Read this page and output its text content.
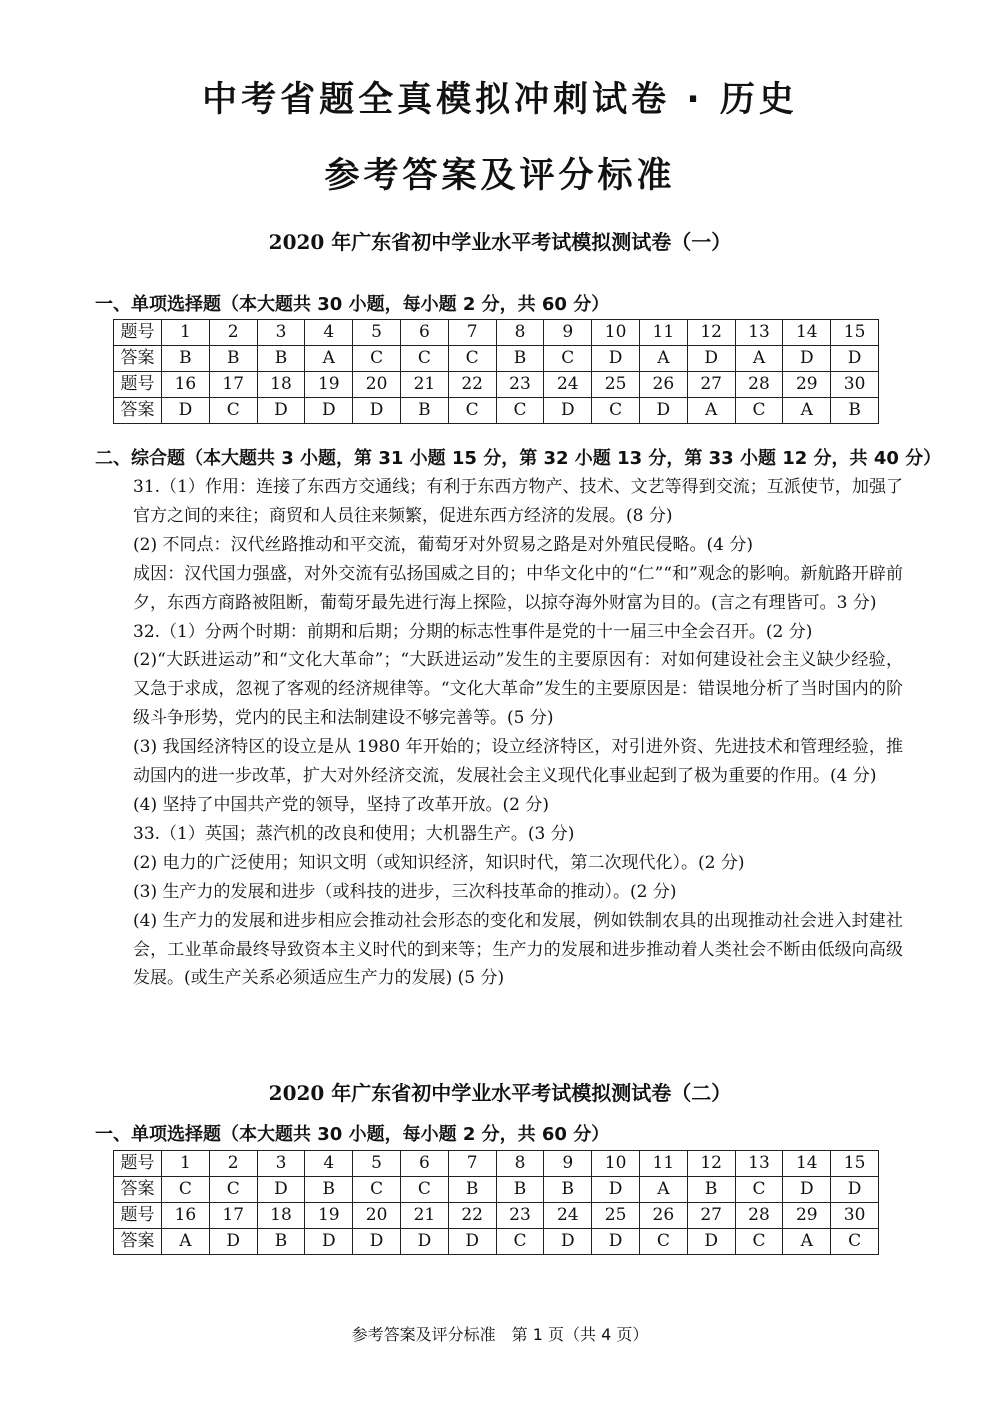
中考省题全真模拟冲刺试卷 · 历史
参考答案及评分标准
2020 年广东省初中学业水平考试模拟测试卷（一）
一、单项选择题（本大题共 30 小题，每小题 2 分，共 60 分）
题号	1	2	3	4	5	6	7	8	9	10	11	12	13	14	15
答案	B	B	B	A	C	C	C	B	C	D	A	D	A	D	D
题号	16	17	18	19	20	21	22	23	24	25	26	27	28	29	30
答案	D	C	D	D	D	B	C	C	D	C	D	A	C	A	B
二、综合题（本大题共 3 小题，第 31 小题 15 分，第 32 小题 13 分，第 33 小题 12 分，共 40 分）

31.（1）作用：连接了东西方交通线；有利于东西方物产、技术、文艺等得到交流；互派使节，加强了官方之间的来往；商贸和人员往来频繁，促进东西方经济的发展。(8 分)

(2) 不同点：汉代丝路推动和平交流，葡萄牙对外贸易之路是对外殖民侵略。(4 分)

成因：汉代国力强盛，对外交流有弘扬国威之目的；中华文化中的“仁”“和”观念的影响。新航路开辟前夕，东西方商路被阻断，葡萄牙最先进行海上探险，以掠夺海外财富为目的。(言之有理皆可。3 分)

32.（1）分两个时期：前期和后期；分期的标志性事件是党的十一届三中全会召开。(2 分)

(2)“大跃进运动”和“文化大革命”；“大跃进运动”发生的主要原因有：对如何建设社会主义缺少经验，又急于求成，忽视了客观的经济规律等。“文化大革命”发生的主要原因是：错误地分析了当时国内的阶级斗争形势，党内的民主和法制建设不够完善等。(5 分)

(3) 我国经济特区的设立是从 1980 年开始的；设立经济特区，对引进外资、先进技术和管理经验，推动国内的进一步改革，扩大对外经济交流，发展社会主义现代化事业起到了极为重要的作用。(4 分)

(4) 坚持了中国共产党的领导，坚持了改革开放。(2 分)

33.（1）英国；蒸汽机的改良和使用；大机器生产。(3 分)

(2) 电力的广泛使用；知识文明（或知识经济，知识时代，第二次现代化）。(2 分)

(3) 生产力的发展和进步（或科技的进步，三次科技革命的推动）。(2 分)

(4) 生产力的发展和进步相应会推动社会形态的变化和发展，例如铁制农具的出现推动社会进入封建社会，工业革命最终导致资本主义时代的到来等；生产力的发展和进步推动着人类社会不断由低级向高级发展。(或生产关系必须适应生产力的发展) (5 分)

2020 年广东省初中学业水平考试模拟测试卷（二）
一、单项选择题（本大题共 30 小题，每小题 2 分，共 60 分）
题号	1	2	3	4	5	6	7	8	9	10	11	12	13	14	15
答案	C	C	D	B	C	C	B	B	B	D	A	B	C	D	D
题号	16	17	18	19	20	21	22	23	24	25	26	27	28	29	30
答案	A	D	B	D	D	D	D	C	D	D	C	D	C	A	C
参考答案及评分标准　第 1 页（共 4 页）
